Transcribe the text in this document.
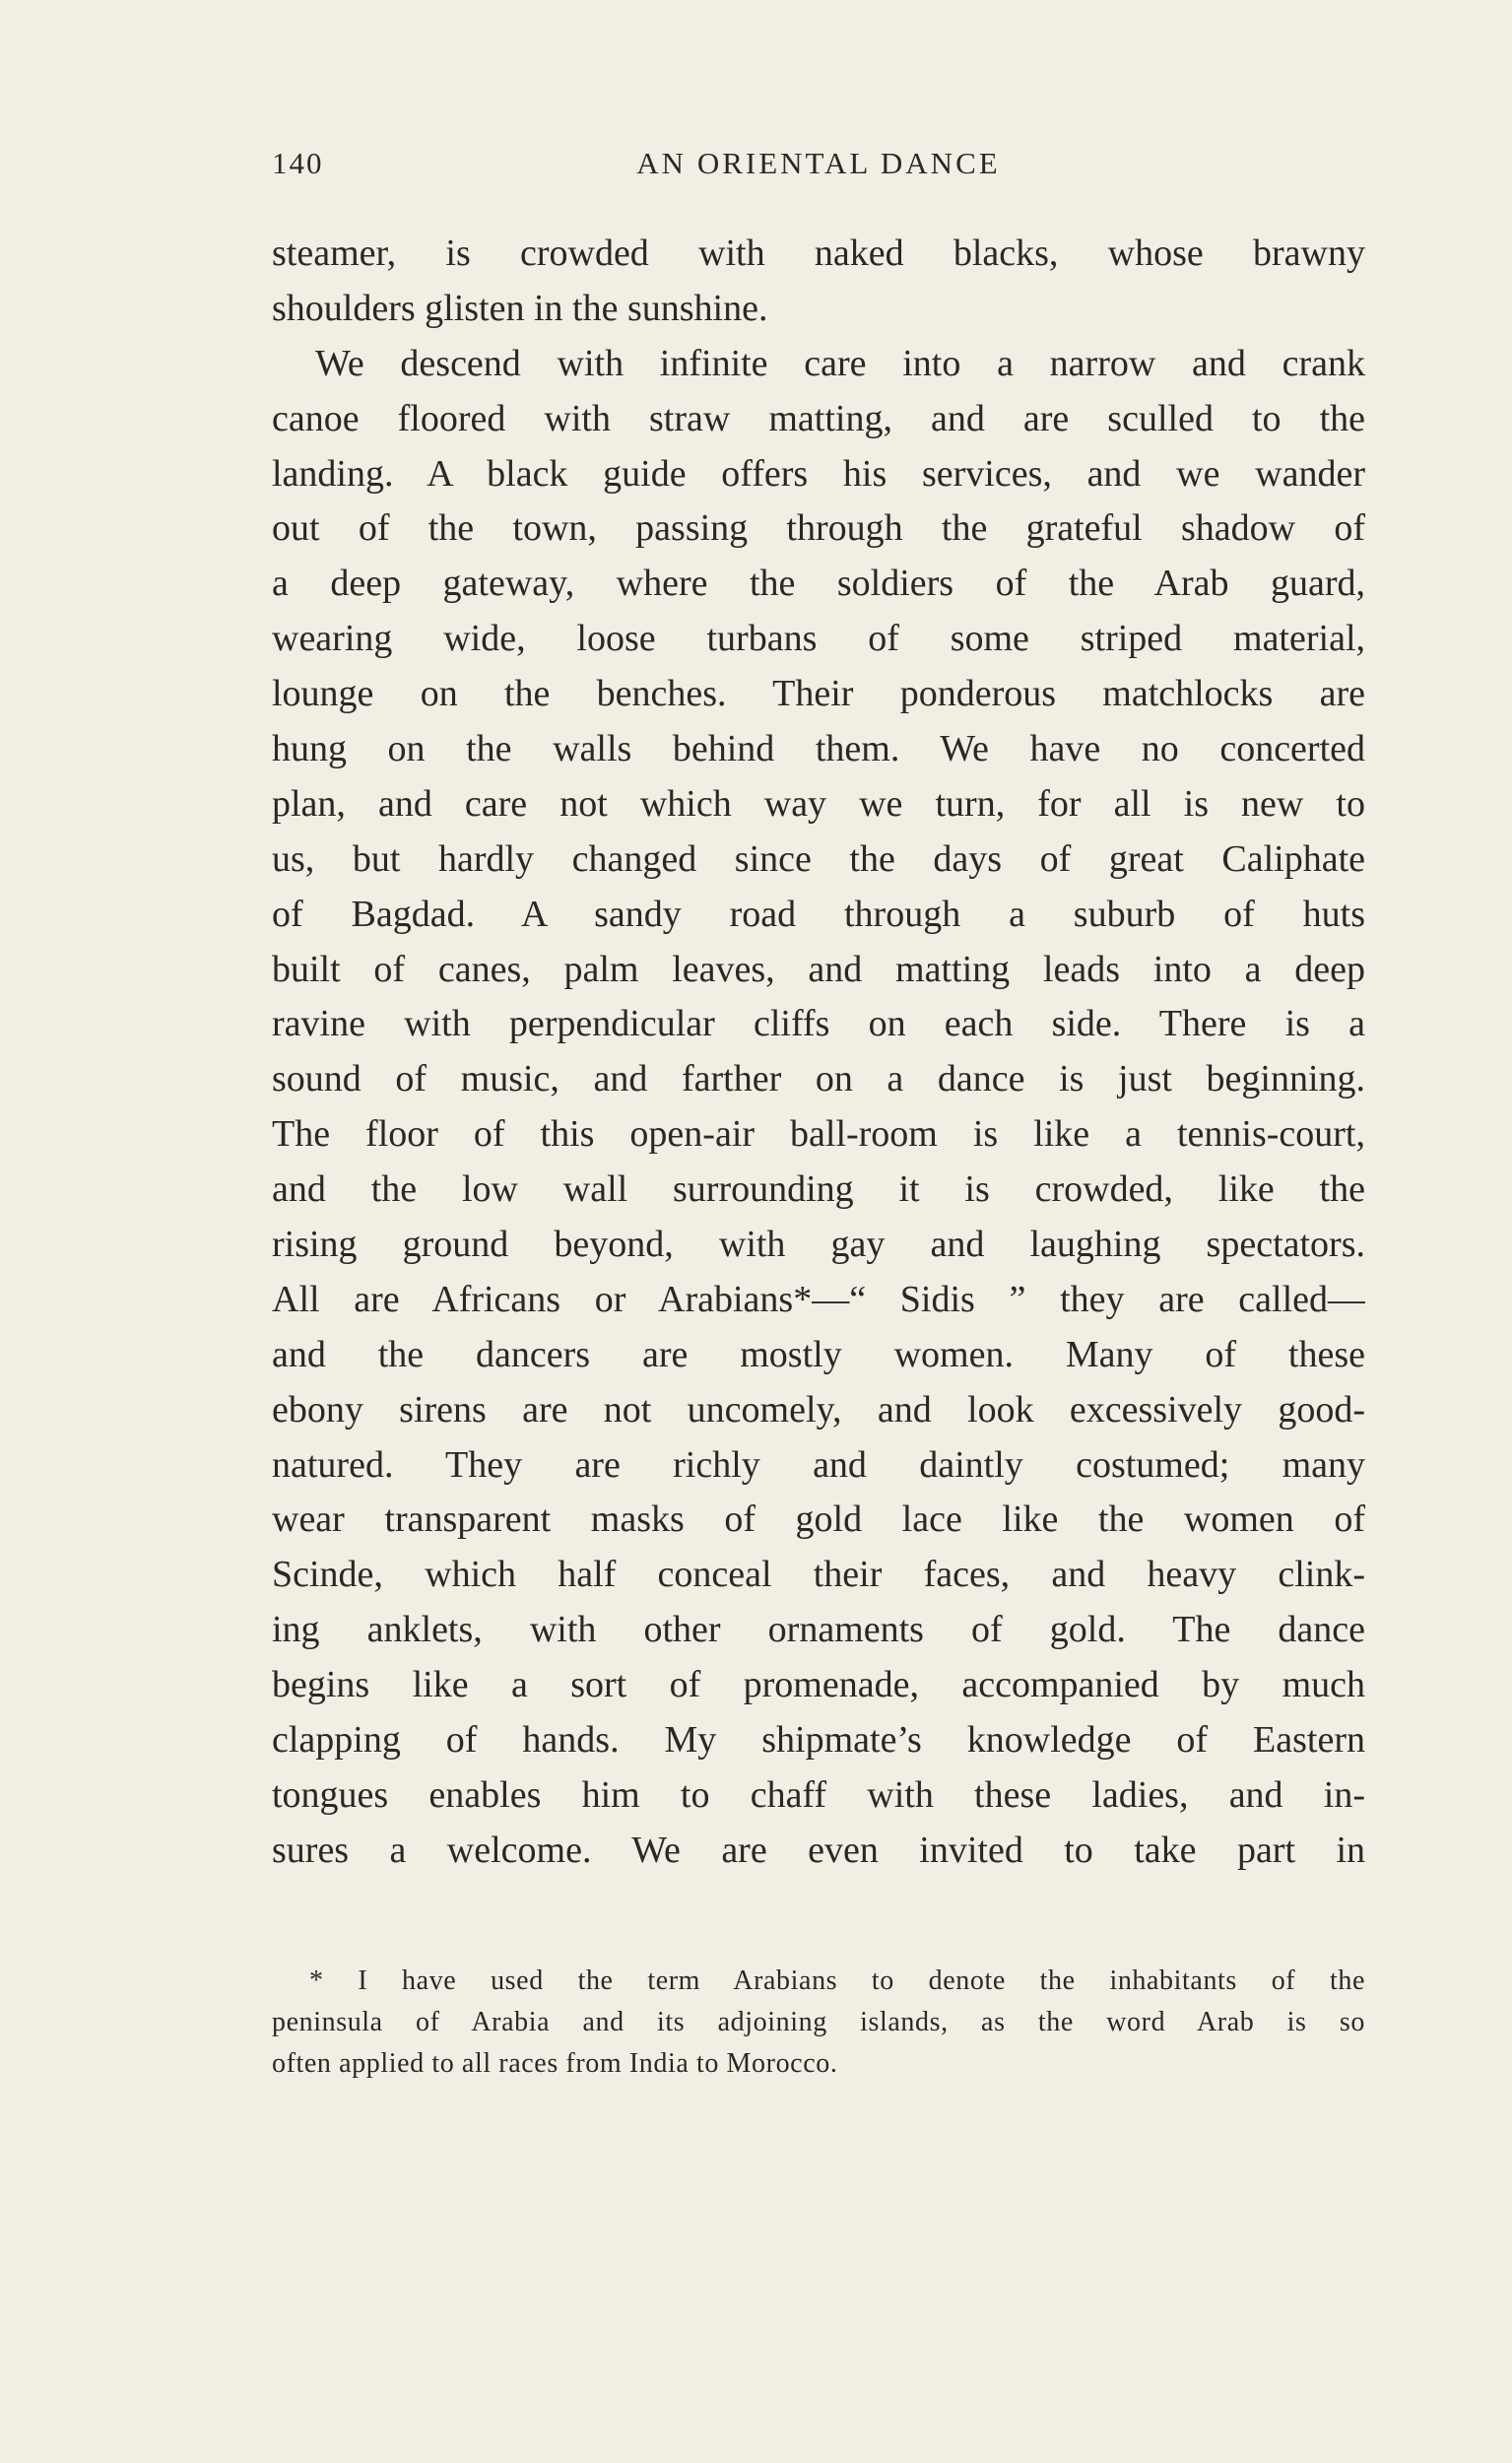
140	AN ORIENTAL DANCE
steamer, is crowded with naked blacks, whose brawny
shoulders glisten in the sunshine.
We descend with infinite care into a narrow and crank
canoe floored with straw matting, and are sculled to the
landing. A black guide offers his services, and we wander
out of the town, passing through the grateful shadow of
a deep gateway, where the soldiers of the Arab guard,
wearing wide, loose turbans of some striped material,
lounge on the benches. Their ponderous matchlocks are
hung on the walls behind them. We have no concerted
plan, and care not which way we turn, for all is new to
us, but hardly changed since the days of great Caliphate
of Bagdad. A sandy road through a suburb of huts
built of canes, palm leaves, and matting leads into a deep
ravine with perpendicular cliffs on each side. There is a
sound of music, and farther on a dance is just beginning.
The floor of this open-air ball-room is like a tennis-court,
and the low wall surrounding it is crowded, like the
rising ground beyond, with gay and laughing spectators.
All are Africans or Arabians*—“ Sidis ” they are called—
and the dancers are mostly women. Many of these
ebony sirens are not uncomely, and look excessively good-
natured. They are richly and daintly costumed; many
wear transparent masks of gold lace like the women of
Scinde, which half conceal their faces, and heavy clink-
ing anklets, with other ornaments of gold. The dance
begins like a sort of promenade, accompanied by much
clapping of hands. My shipmate’s knowledge of Eastern
tongues enables him to chaff with these ladies, and in-
sures a welcome. We are even invited to take part in
* I have used the term Arabians to denote the inhabitants of the
peninsula of Arabia and its adjoining islands, as the word Arab is so
often applied to all races from India to Morocco.
